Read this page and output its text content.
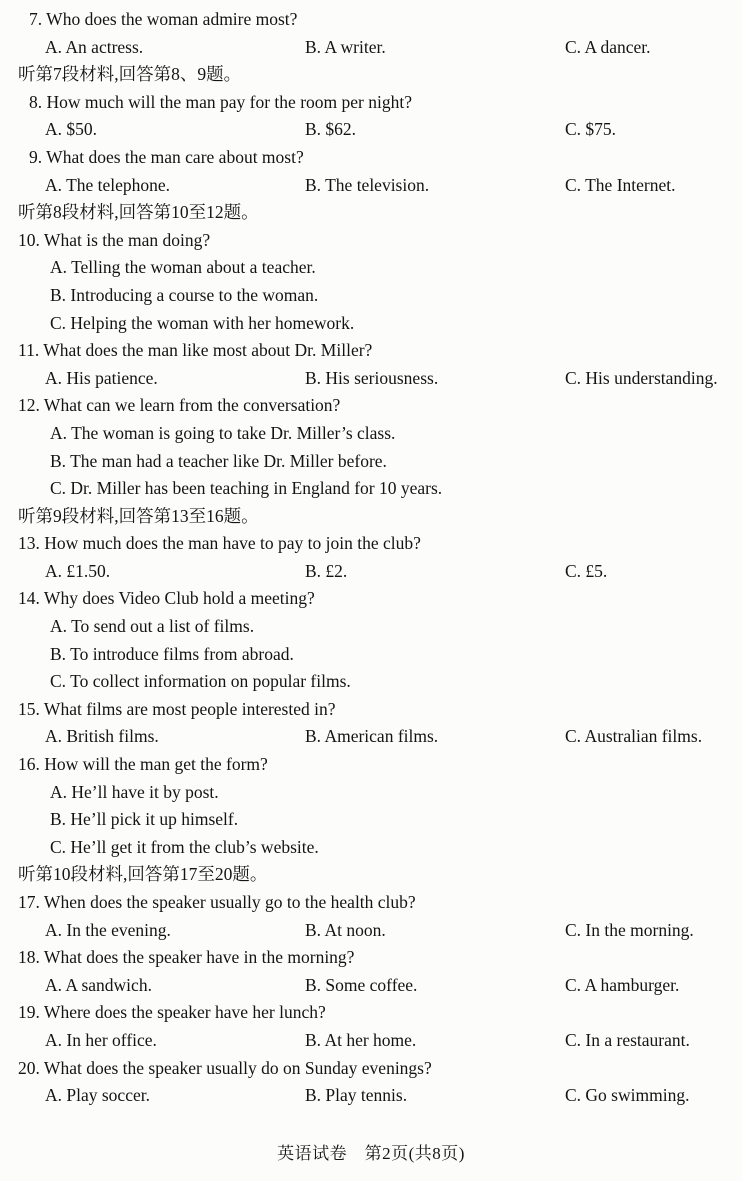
7. Who does the woman admire most?
A. An actress.	B. A writer.	C. A dancer.
听第7段材料,回答第8、9题。
8. How much will the man pay for the room per night?
A. $50.	B. $62.	C. $75.
9. What does the man care about most?
A. The telephone.	B. The television.	C. The Internet.
听第8段材料,回答第10至12题。
10. What is the man doing?
A. Telling the woman about a teacher.
B. Introducing a course to the woman.
C. Helping the woman with her homework.
11. What does the man like most about Dr. Miller?
A. His patience.	B. His seriousness.	C. His understanding.
12. What can we learn from the conversation?
A. The woman is going to take Dr. Miller’s class.
B. The man had a teacher like Dr. Miller before.
C. Dr. Miller has been teaching in England for 10 years.
听第9段材料,回答第13至16题。
13. How much does the man have to pay to join the club?
A. £1.50.	B. £2.	C. £5.
14. Why does Video Club hold a meeting?
A. To send out a list of films.
B. To introduce films from abroad.
C. To collect information on popular films.
15. What films are most people interested in?
A. British films.	B. American films.	C. Australian films.
16. How will the man get the form?
A. He’ll have it by post.
B. He’ll pick it up himself.
C. He’ll get it from the club’s website.
听第10段材料,回答第17至20题。
17. When does the speaker usually go to the health club?
A. In the evening.	B. At noon.	C. In the morning.
18. What does the speaker have in the morning?
A. A sandwich.	B. Some coffee.	C. A hamburger.
19. Where does the speaker have her lunch?
A. In her office.	B. At her home.	C. In a restaurant.
20. What does the speaker usually do on Sunday evenings?
A. Play soccer.	B. Play tennis.	C. Go swimming.
英语试卷　第2页(共8页)
